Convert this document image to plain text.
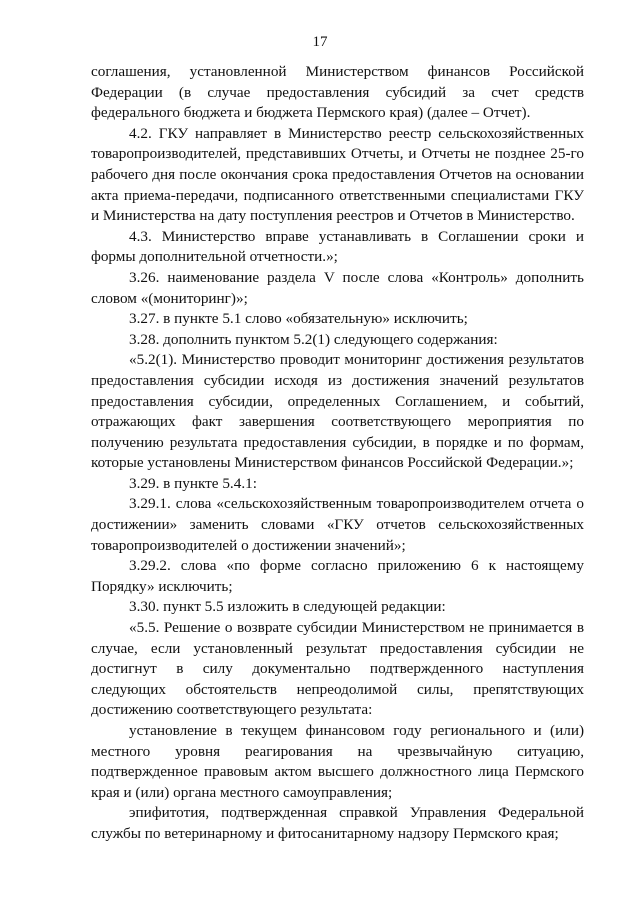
17

соглашения, установленной Министерством финансов Российской Федерации (в случае предоставления субсидий за счет средств федерального бюджета и бюджета Пермского края) (далее – Отчет).

4.2. ГКУ направляет в Министерство реестр сельскохозяйственных товаропроизводителей, представивших Отчеты, и Отчеты не позднее 25-го рабочего дня после окончания срока предоставления Отчетов на основании акта приема-передачи, подписанного ответственными специалистами ГКУ и Министерства на дату поступления реестров и Отчетов в Министерство.

4.3. Министерство вправе устанавливать в Соглашении сроки и формы дополнительной отчетности.»;

3.26. наименование раздела V после слова «Контроль» дополнить словом «(мониторинг)»;

3.27. в пункте 5.1 слово «обязательную» исключить;

3.28. дополнить пунктом 5.2(1) следующего содержания:

«5.2(1). Министерство проводит мониторинг достижения результатов предоставления субсидии исходя из достижения значений результатов предоставления субсидии, определенных Соглашением, и событий, отражающих факт завершения соответствующего мероприятия по получению результата предоставления субсидии, в порядке и по формам, которые установлены Министерством финансов Российской Федерации.»;

3.29. в пункте 5.4.1:

3.29.1. слова «сельскохозяйственным товаропроизводителем отчета о достижении» заменить словами «ГКУ отчетов сельскохозяйственных товаропроизводителей о достижении значений»;

3.29.2. слова «по форме согласно приложению 6 к настоящему Порядку» исключить;

3.30. пункт 5.5 изложить в следующей редакции:

«5.5. Решение о возврате субсидии Министерством не принимается в случае, если установленный результат предоставления субсидии не достигнут в силу документально подтвержденного наступления следующих обстоятельств непреодолимой силы, препятствующих достижению соответствующего результата:

установление в текущем финансовом году регионального и (или) местного уровня реагирования на чрезвычайную ситуацию, подтвержденное правовым актом высшего должностного лица Пермского края и (или) органа местного самоуправления;

эпифитотия, подтвержденная справкой Управления Федеральной службы по ветеринарному и фитосанитарному надзору Пермского края;
